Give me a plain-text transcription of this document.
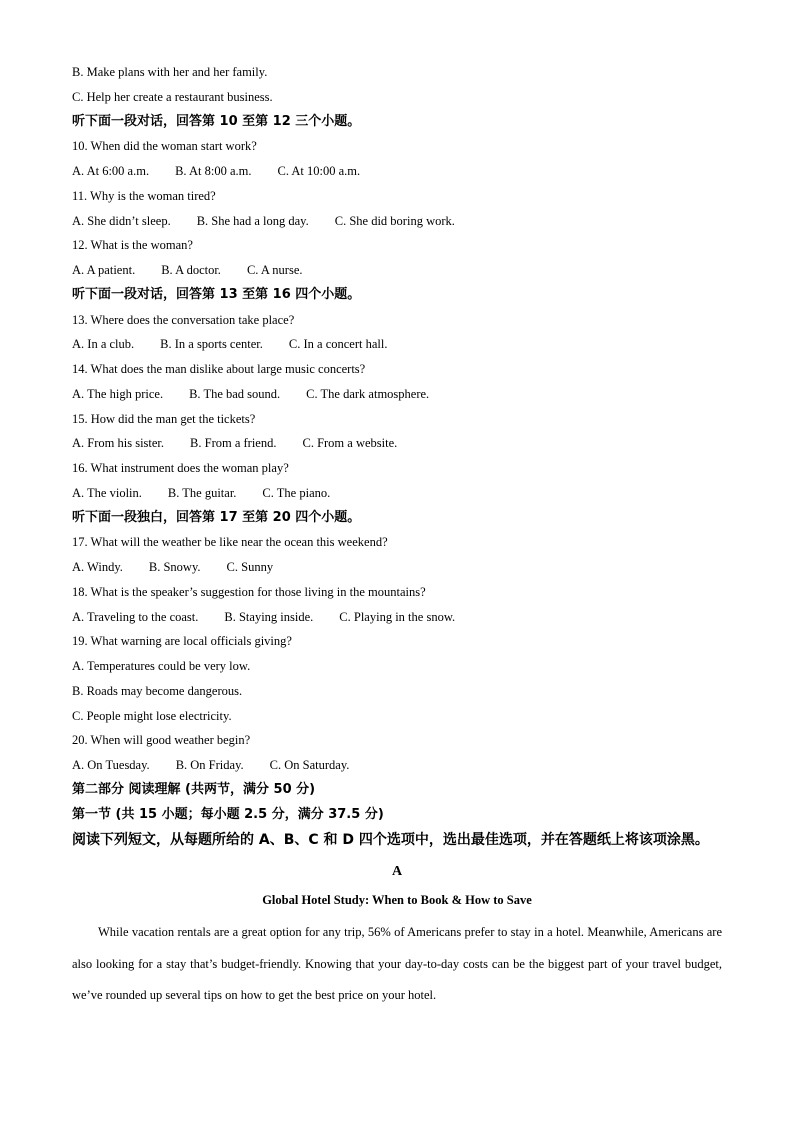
B. Make plans with her and her family.
C. Help her create a restaurant business.
听下面一段对话，回答第 10 至第 12 三个小题。
10. When did the woman start work?
A. At 6:00 a.m. B. At 8:00 a.m. C. At 10:00 a.m.
11. Why is the woman tired?
A. She didn’t sleep. B. She had a long day. C. She did boring work.
12. What is the woman?
A. A patient. B. A doctor. C. A nurse.
听下面一段对话，回答第 13 至第 16 四个小题。
13. Where does the conversation take place?
A. In a club. B. In a sports center. C. In a concert hall.
14. What does the man dislike about large music concerts?
A. The high price. B. The bad sound. C. The dark atmosphere.
15. How did the man get the tickets?
A. From his sister. B. From a friend. C. From a website.
16. What instrument does the woman play?
A. The violin. B. The guitar. C. The piano.
听下面一段独白，回答第 17 至第 20 四个小题。
17. What will the weather be like near the ocean this weekend?
A. Windy. B. Snowy. C. Sunny
18. What is the speaker’s suggestion for those living in the mountains?
A. Traveling to the coast. B. Staying inside. C. Playing in the snow.
19. What warning are local officials giving?
A. Temperatures could be very low.
B. Roads may become dangerous.
C. People might lose electricity.
20. When will good weather begin?
A. On Tuesday. B. On Friday. C. On Saturday.
第二部分 阅读理解 (共两节，满分 50 分)
第一节 (共 15 小题；每小题 2.5 分，满分 37.5 分)
阅读下列短文，从每题所给的 A、B、C 和 D 四个选项中，选出最佳选项，并在答题纸上将该项涂黑。
A
Global Hotel Study: When to Book & How to Save
While vacation rentals are a great option for any trip, 56% of Americans prefer to stay in a hotel. Meanwhile, Americans are also looking for a stay that’s budget-friendly. Knowing that your day-to-day costs can be the biggest part of your travel budget, we’ve rounded up several tips on how to get the best price on your hotel.
